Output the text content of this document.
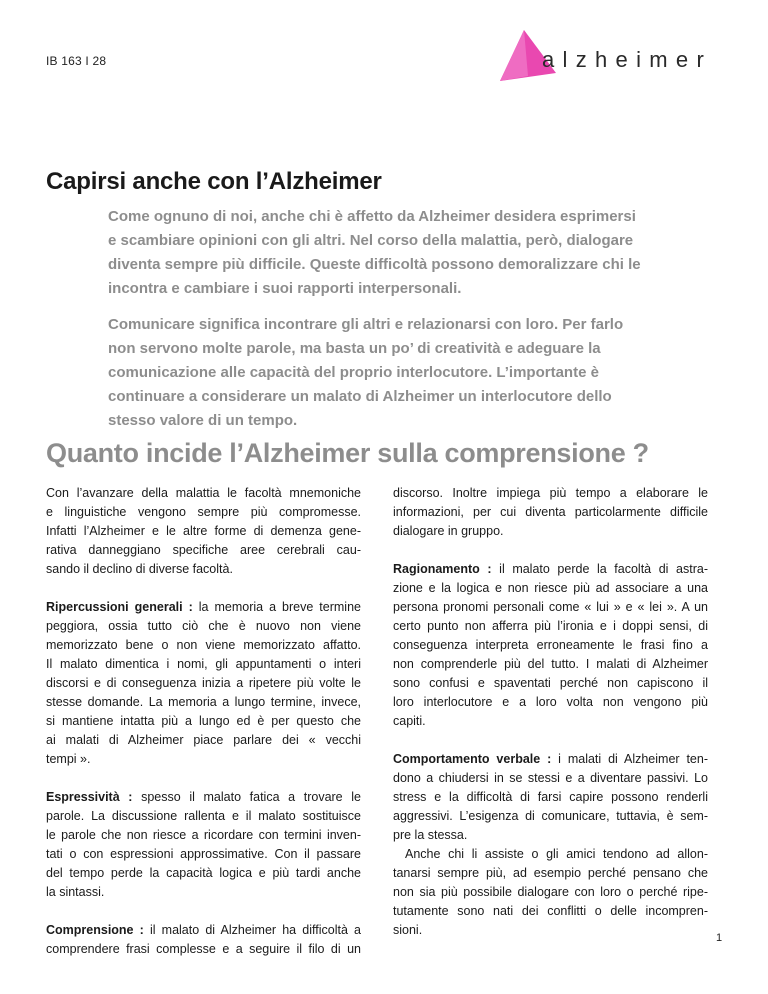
IB 163 I 28	alzheimer
Capirsi anche con l’Alzheimer

Come ognuno di noi, anche chi è affetto da Alzheimer desidera esprimersi

e scambiare opinioni con gli altri. Nel corso della malattia, però, dialogare

diventa sempre più difficile. Queste difficoltà possono demoralizzare chi le

incontra e cambiare i suoi rapporti interpersonali.

Comunicare significa incontrare gli altri e relazionarsi con loro. Per farlo

non servono molte parole, ma basta un po’ di creatività e adeguare la

comunicazione alle capacità del proprio interlocutore. L’importante è

continuare a considerare un malato di Alzheimer un interlocutore dello

stesso valore di un tempo.

Quanto incide l’Alzheimer sulla comprensione ?
Con l’avanzare della malattia le facoltà mnemoniche
e linguistiche vengono sempre più compromesse.
Infatti l’Alzheimer e le altre forme di demenza gene-
rativa danneggiano specifiche aree cerebrali cau-
sando il declino di diverse facoltà.
Ripercussioni generali : la memoria a breve termine
peggiora, ossia tutto ciò che è nuovo non viene
memorizzato bene o non viene memorizzato affatto.
Il malato dimentica i nomi, gli appuntamenti o interi
discorsi e di conseguenza inizia a ripetere più volte le
stesse domande. La memoria a lungo termine, invece,
si mantiene intatta più a lungo ed è per questo che
ai malati di Alzheimer piace parlare dei « vecchi
tempi ».
Espressività : spesso il malato fatica a trovare le
parole. La discussione rallenta e il malato sostituisce
le parole che non riesce a ricordare con termini inven-
tati o con espressioni approssimative. Con il passare
del tempo perde la capacità logica e più tardi anche
la sintassi.
Comprensione : il malato di Alzheimer ha difficoltà a
comprendere frasi complesse e a seguire il filo di un
discorso. Inoltre impiega più tempo a elaborare le
informazioni, per cui diventa particolarmente difficile
dialogare in gruppo.
Ragionamento : il malato perde la facoltà di astra-
zione e la logica e non riesce più ad associare a una
persona pronomi personali come « lui » e « lei ». A un
certo punto non afferra più l’ironia e i doppi sensi, di
conseguenza interpreta erroneamente le frasi fino a
non comprenderle più del tutto. I malati di Alzheimer
sono confusi e spaventati perché non capiscono il
loro interlocutore e a loro volta non vengono più
capiti.
Comportamento verbale : i malati di Alzheimer ten-
dono a chiudersi in se stessi e a diventare passivi. Lo
stress e la difficoltà di farsi capire possono renderli
aggressivi. L’esigenza di comunicare, tuttavia, è sem-
pre la stessa.
Anche chi li assiste o gli amici tendono ad allon-
tanarsi sempre più, ad esempio perché pensano che
non sia più possibile dialogare con loro o perché ripe-
tutamente sono nati dei conflitti o delle incompren-
sioni.
1
